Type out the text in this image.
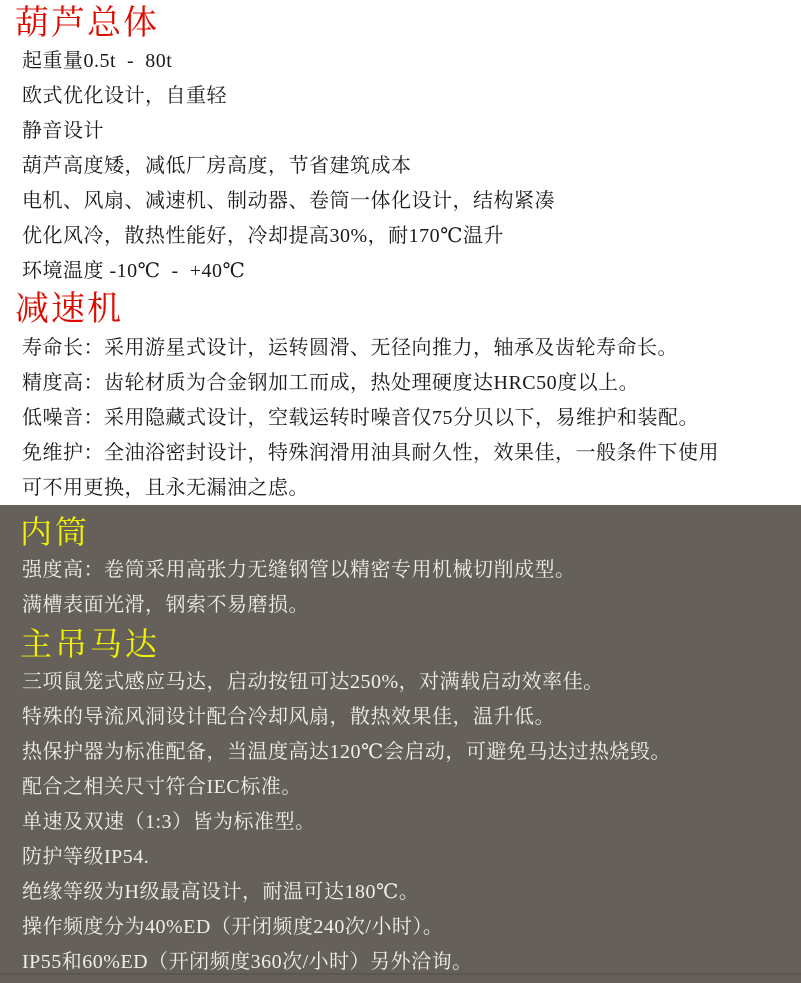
葫芦总体

起重量0.5t  -  80t

欧式优化设计，自重轻

静音设计

葫芦高度矮，减低厂房高度，节省建筑成本

电机、风扇、减速机、制动器、卷筒一体化设计，结构紧凑

优化风冷，散热性能好，冷却提高30%，耐170℃温升

环境温度 -10℃  -  +40℃

减速机

寿命长：采用游星式设计，运转圆滑、无径向推力，轴承及齿轮寿命长。

精度高：齿轮材质为合金钢加工而成，热处理硬度达HRC50度以上。

低噪音：采用隐藏式设计，空载运转时噪音仅75分贝以下，易维护和装配。

免维护：全油浴密封设计，特殊润滑用油具耐久性，效果佳，一般条件下使用

可不用更换，且永无漏油之虑。

内筒

强度高：卷筒采用高张力无缝钢管以精密专用机械切削成型。

满槽表面光滑，钢索不易磨损。

主吊马达

三项鼠笼式感应马达，启动按钮可达250%，对满载启动效率佳。

特殊的导流风洞设计配合冷却风扇，散热效果佳，温升低。

热保护器为标准配备，当温度高达120℃会启动，可避免马达过热烧毁。

配合之相关尺寸符合IEC标准。

单速及双速（1:3）皆为标准型。

防护等级IP54.

绝缘等级为H级最高设计，耐温可达180℃。

操作频度分为40%ED（开闭频度240次/小时）。

IP55和60%ED（开闭频度360次/小时）另外洽询。
